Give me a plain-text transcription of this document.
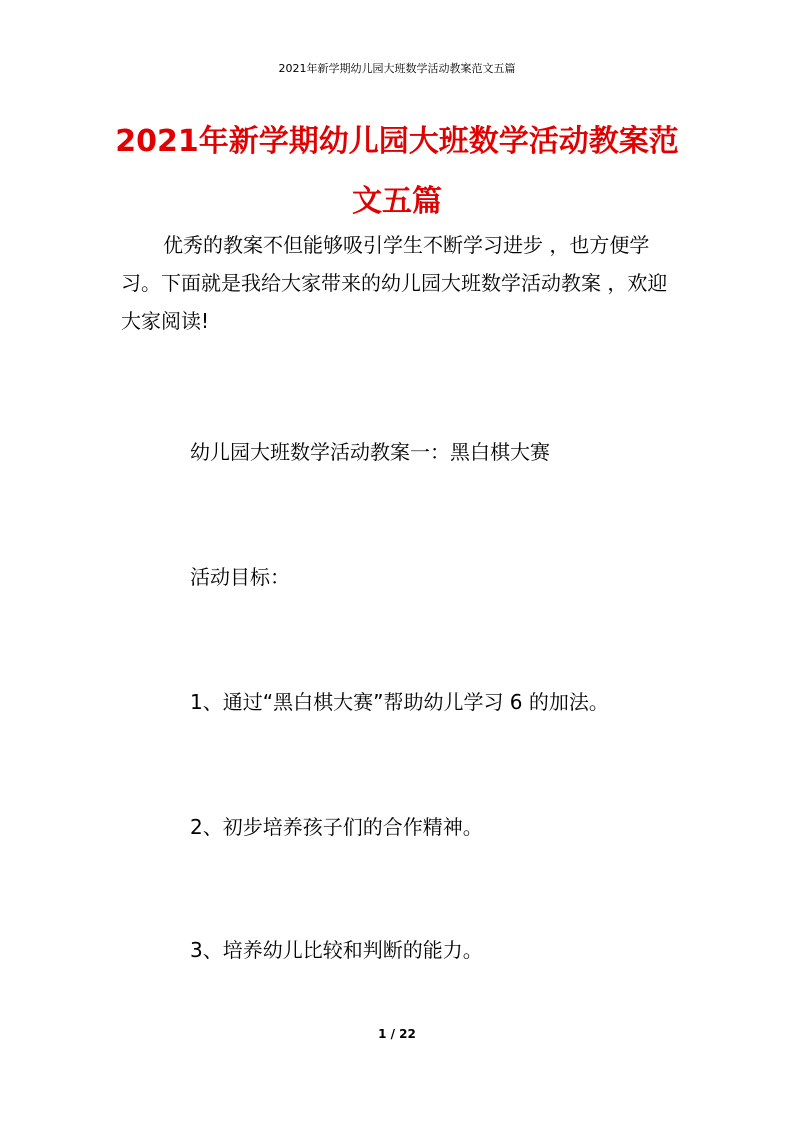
2021年新学期幼儿园大班数学活动教案范文五篇
2021年新学期幼儿园大班数学活动教案范文五篇

优秀的教案不但能够吸引学生不断学习进步 ，也方便学习。下面就是我给大家带来的幼儿园大班数学活动教案 ，欢迎大家阅读!

幼儿园大班数学活动教案一：黑白棋大赛

活动目标：

1、通过“黑白棋大赛”帮助幼儿学习 6 的加法。

2、初步培养孩子们的合作精神。

3、培养幼儿比较和判断的能力。

1 / 22
